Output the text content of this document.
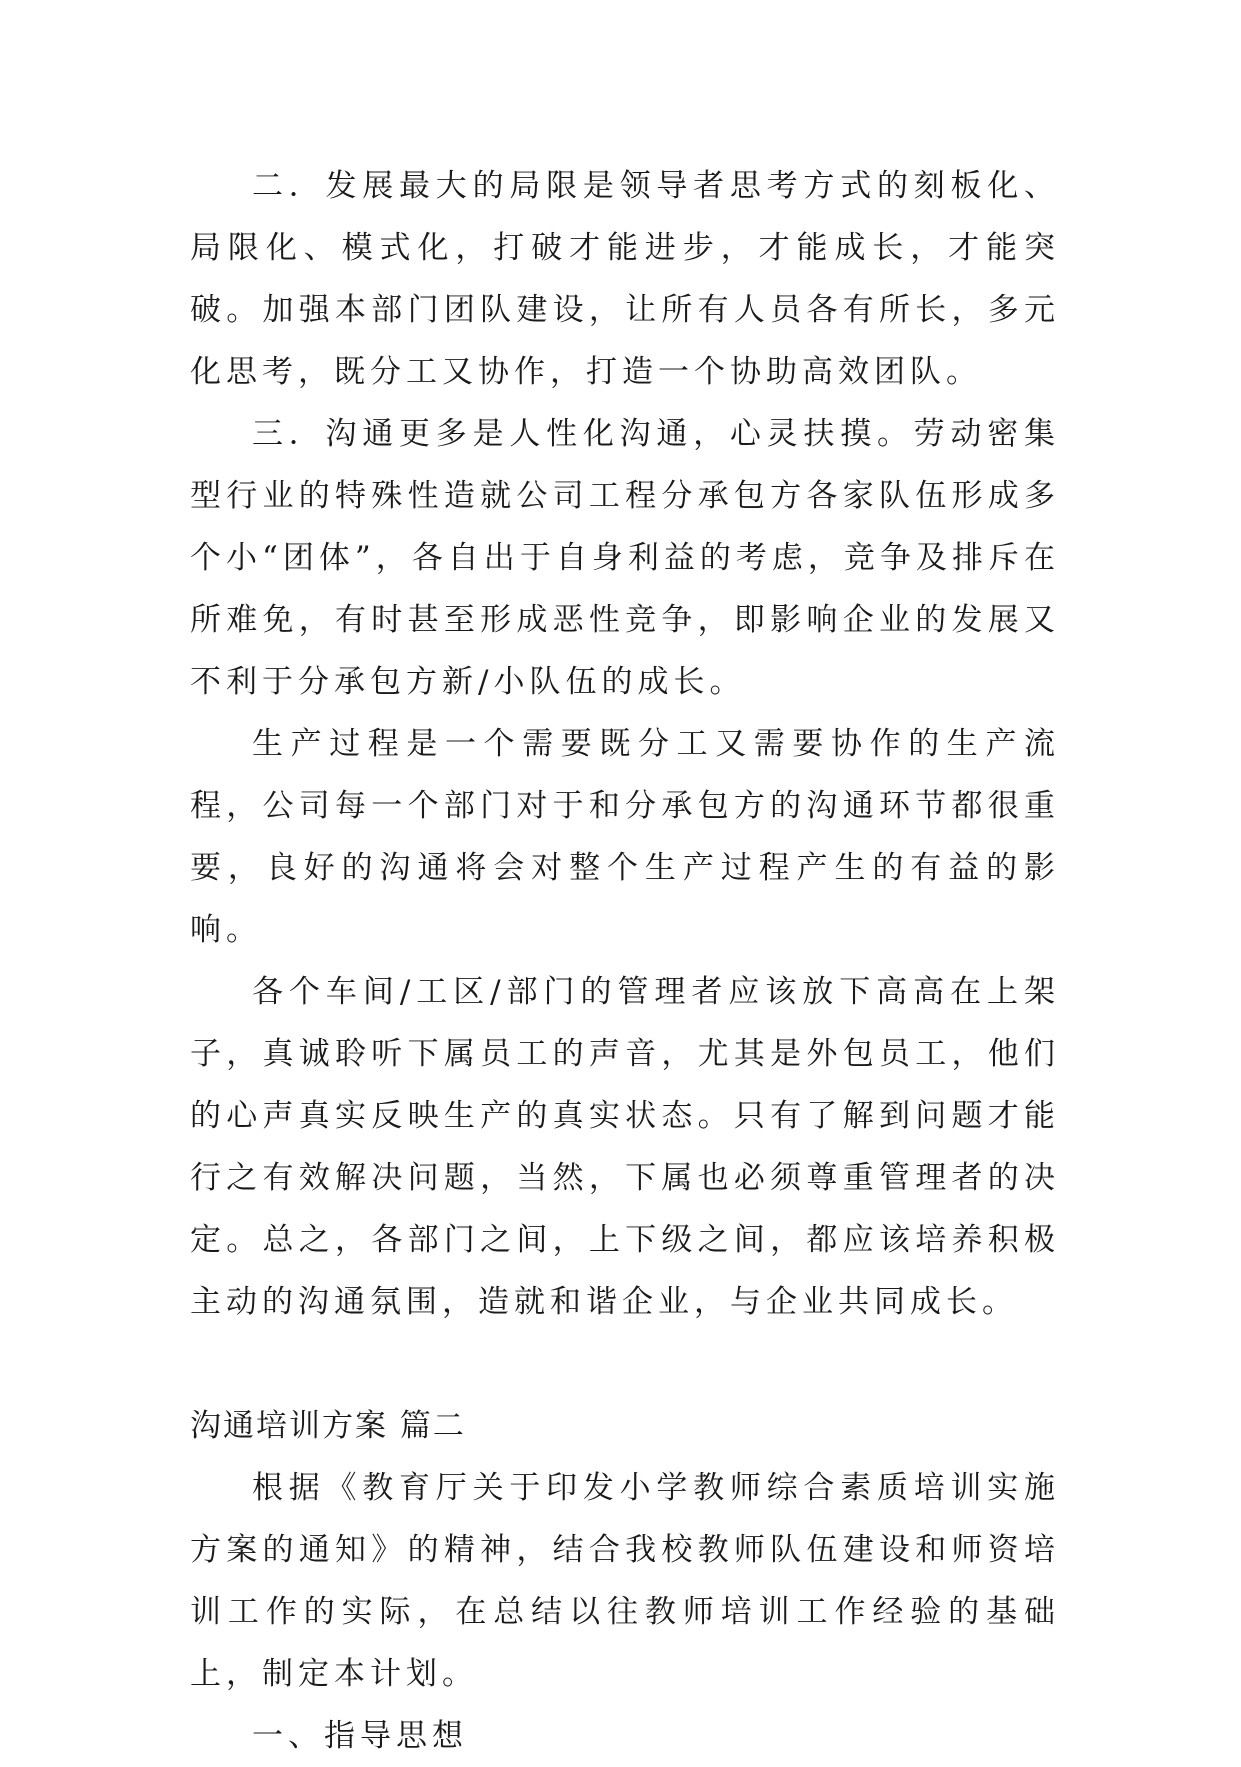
二．发展最大的局限是领导者思考方式的刻板化、局限化、模式化，打破才能进步，才能成长，才能突破。加强本部门团队建设，让所有人员各有所长，多元化思考，既分工又协作，打造一个协助高效团队。

三．沟通更多是人性化沟通，心灵扶摸。劳动密集型行业的特殊性造就公司工程分承包方各家队伍形成多个小“团体”，各自出于自身利益的考虑，竞争及排斥在所难免，有时甚至形成恶性竞争，即影响企业的发展又不利于分承包方新/小队伍的成长。

生产过程是一个需要既分工又需要协作的生产流程，公司每一个部门对于和分承包方的沟通环节都很重要，良好的沟通将会对整个生产过程产生的有益的影响。

各个车间/工区/部门的管理者应该放下高高在上架子，真诚聆听下属员工的声音，尤其是外包员工，他们的心声真实反映生产的真实状态。只有了解到问题才能行之有效解决问题，当然，下属也必须尊重管理者的决定。总之，各部门之间，上下级之间，都应该培养积极主动的沟通氛围，造就和谐企业，与企业共同成长。

沟通培训方案 篇二

根据《教育厅关于印发小学教师综合素质培训实施方案的通知》的精神，结合我校教师队伍建设和师资培训工作的实际，在总结以往教师培训工作经验的基础上，制定本计划。

一、指导思想
